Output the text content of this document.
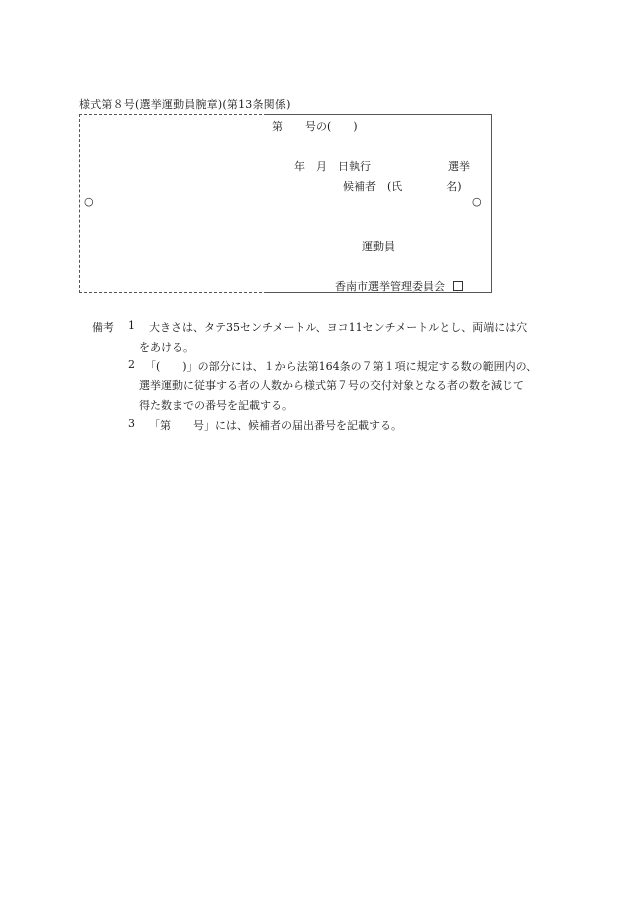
様式第８号(選挙運動員腕章)(第13条関係)
○	○
第　　号の(　　)
年　月　日執行	選挙
候補者　(氏　　　　名)
運動員
香南市選挙管理委員会
備考 1 大きさは、タテ35センチメートル、ヨコ11センチメートルとし、両端には穴
をあける。
2 「(　　)」の部分には、１から法第164条の７第１項に規定する数の範囲内の、
選挙運動に従事する者の人数から様式第７号の交付対象となる者の数を減じて
得た数までの番号を記載する。
3 「第　　号」には、候補者の届出番号を記載する。
